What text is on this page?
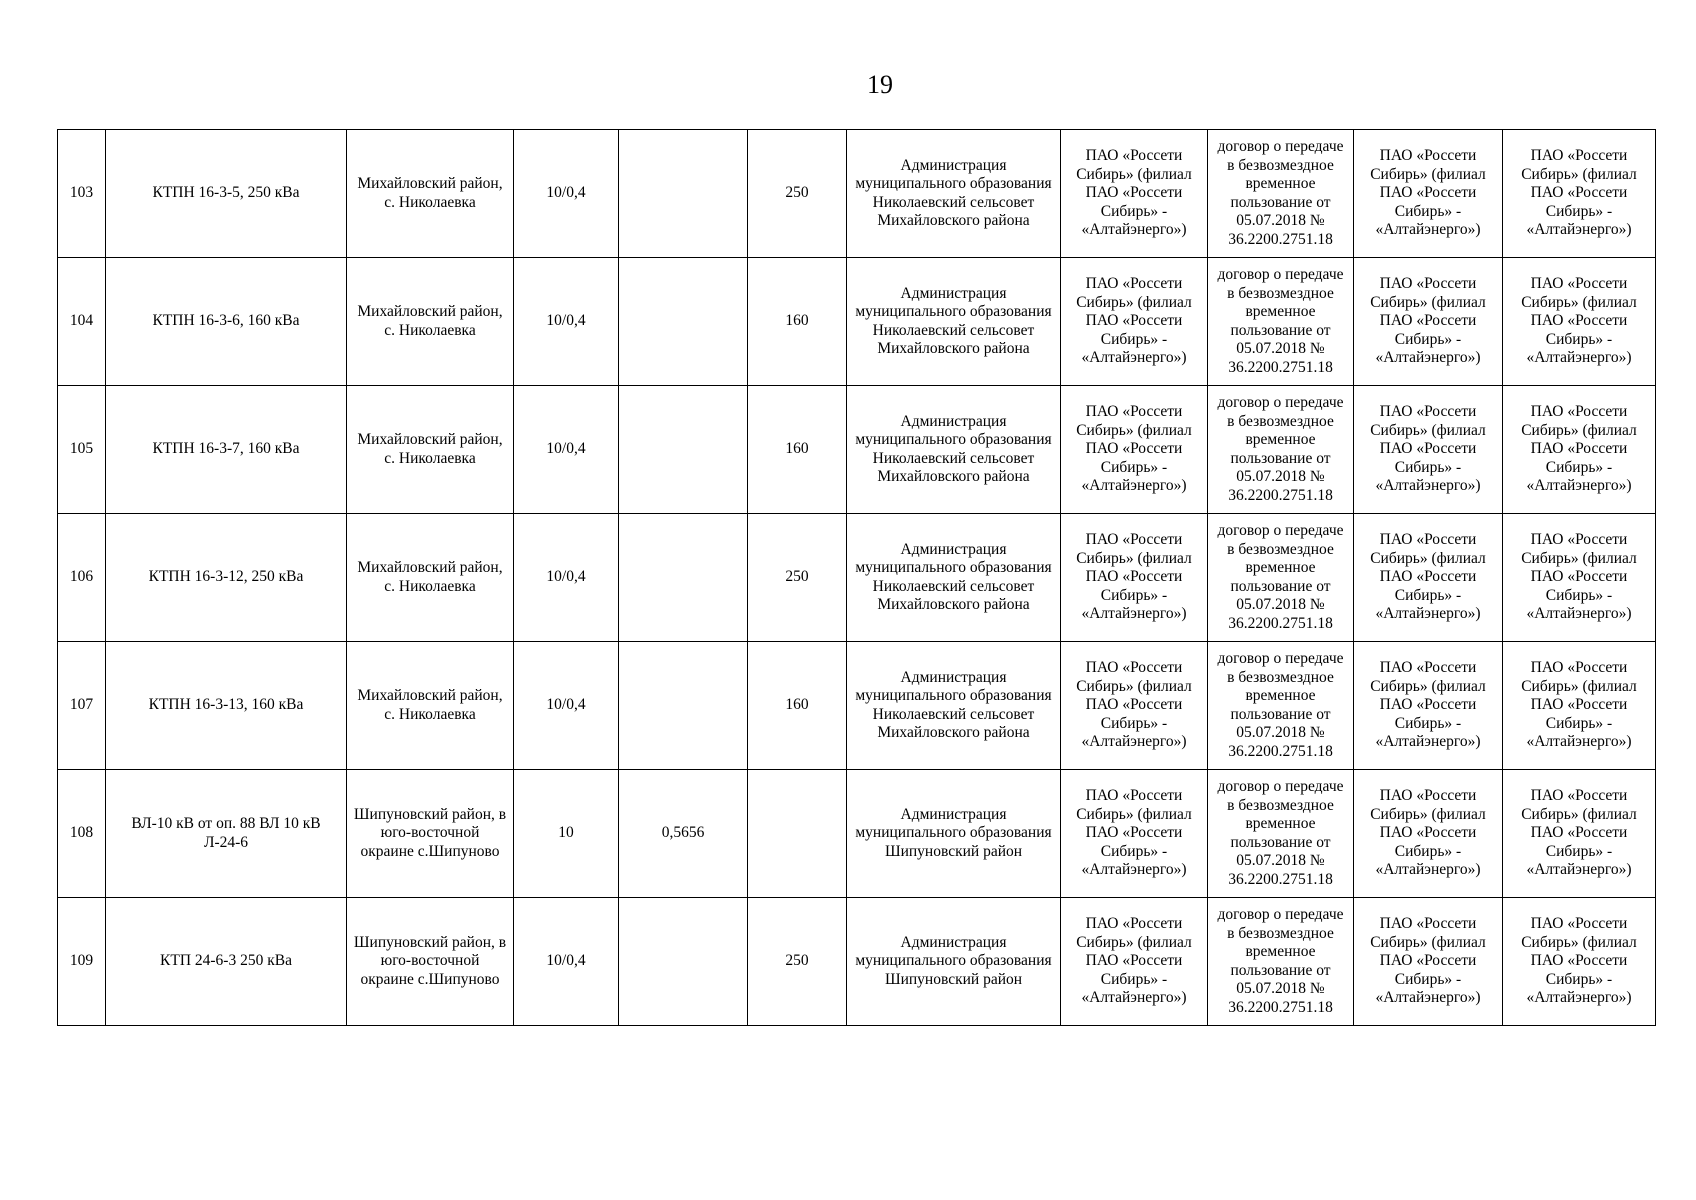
19
103	КТПН 16-3-5, 250 кВа	Михайловский район, с. Николаевка	10/0,4		250	Администрация муниципального образования Николаевский сельсовет Михайловского района	ПАО «Россети Сибирь» (филиал ПАО «Россети Сибирь» - «Алтайэнерго»)	договор о передаче в безвозмездное временное пользование от 05.07.2018 № 36.2200.2751.18	ПАО «Россети Сибирь» (филиал ПАО «Россети Сибирь» - «Алтайэнерго»)	ПАО «Россети Сибирь» (филиал ПАО «Россети Сибирь» - «Алтайэнерго»)
104	КТПН 16-3-6, 160 кВа	Михайловский район, с. Николаевка	10/0,4		160	Администрация муниципального образования Николаевский сельсовет Михайловского района	ПАО «Россети Сибирь» (филиал ПАО «Россети Сибирь» - «Алтайэнерго»)	договор о передаче в безвозмездное временное пользование от 05.07.2018 № 36.2200.2751.18	ПАО «Россети Сибирь» (филиал ПАО «Россети Сибирь» - «Алтайэнерго»)	ПАО «Россети Сибирь» (филиал ПАО «Россети Сибирь» - «Алтайэнерго»)
105	КТПН 16-3-7, 160 кВа	Михайловский район, с. Николаевка	10/0,4		160	Администрация муниципального образования Николаевский сельсовет Михайловского района	ПАО «Россети Сибирь» (филиал ПАО «Россети Сибирь» - «Алтайэнерго»)	договор о передаче в безвозмездное временное пользование от 05.07.2018 № 36.2200.2751.18	ПАО «Россети Сибирь» (филиал ПАО «Россети Сибирь» - «Алтайэнерго»)	ПАО «Россети Сибирь» (филиал ПАО «Россети Сибирь» - «Алтайэнерго»)
106	КТПН 16-3-12, 250 кВа	Михайловский район, с. Николаевка	10/0,4		250	Администрация муниципального образования Николаевский сельсовет Михайловского района	ПАО «Россети Сибирь» (филиал ПАО «Россети Сибирь» - «Алтайэнерго»)	договор о передаче в безвозмездное временное пользование от 05.07.2018 № 36.2200.2751.18	ПАО «Россети Сибирь» (филиал ПАО «Россети Сибирь» - «Алтайэнерго»)	ПАО «Россети Сибирь» (филиал ПАО «Россети Сибирь» - «Алтайэнерго»)
107	КТПН 16-3-13, 160 кВа	Михайловский район, с. Николаевка	10/0,4		160	Администрация муниципального образования Николаевский сельсовет Михайловского района	ПАО «Россети Сибирь» (филиал ПАО «Россети Сибирь» - «Алтайэнерго»)	договор о передаче в безвозмездное временное пользование от 05.07.2018 № 36.2200.2751.18	ПАО «Россети Сибирь» (филиал ПАО «Россети Сибирь» - «Алтайэнерго»)	ПАО «Россети Сибирь» (филиал ПАО «Россети Сибирь» - «Алтайэнерго»)
108	ВЛ-10 кВ от оп. 88 ВЛ 10 кВ Л-24-6	Шипуновский район, в юго-восточной окраине с.Шипуново	10	0,5656		Администрация муниципального образования Шипуновский район	ПАО «Россети Сибирь» (филиал ПАО «Россети Сибирь» - «Алтайэнерго»)	договор о передаче в безвозмездное временное пользование от 05.07.2018 № 36.2200.2751.18	ПАО «Россети Сибирь» (филиал ПАО «Россети Сибирь» - «Алтайэнерго»)	ПАО «Россети Сибирь» (филиал ПАО «Россети Сибирь» - «Алтайэнерго»)
109	КТП 24-6-3 250 кВа	Шипуновский район, в юго-восточной окраине с.Шипуново	10/0,4		250	Администрация муниципального образования Шипуновский район	ПАО «Россети Сибирь» (филиал ПАО «Россети Сибирь» - «Алтайэнерго»)	договор о передаче в безвозмездное временное пользование от 05.07.2018 № 36.2200.2751.18	ПАО «Россети Сибирь» (филиал ПАО «Россети Сибирь» - «Алтайэнерго»)	ПАО «Россети Сибирь» (филиал ПАО «Россети Сибирь» - «Алтайэнерго»)
